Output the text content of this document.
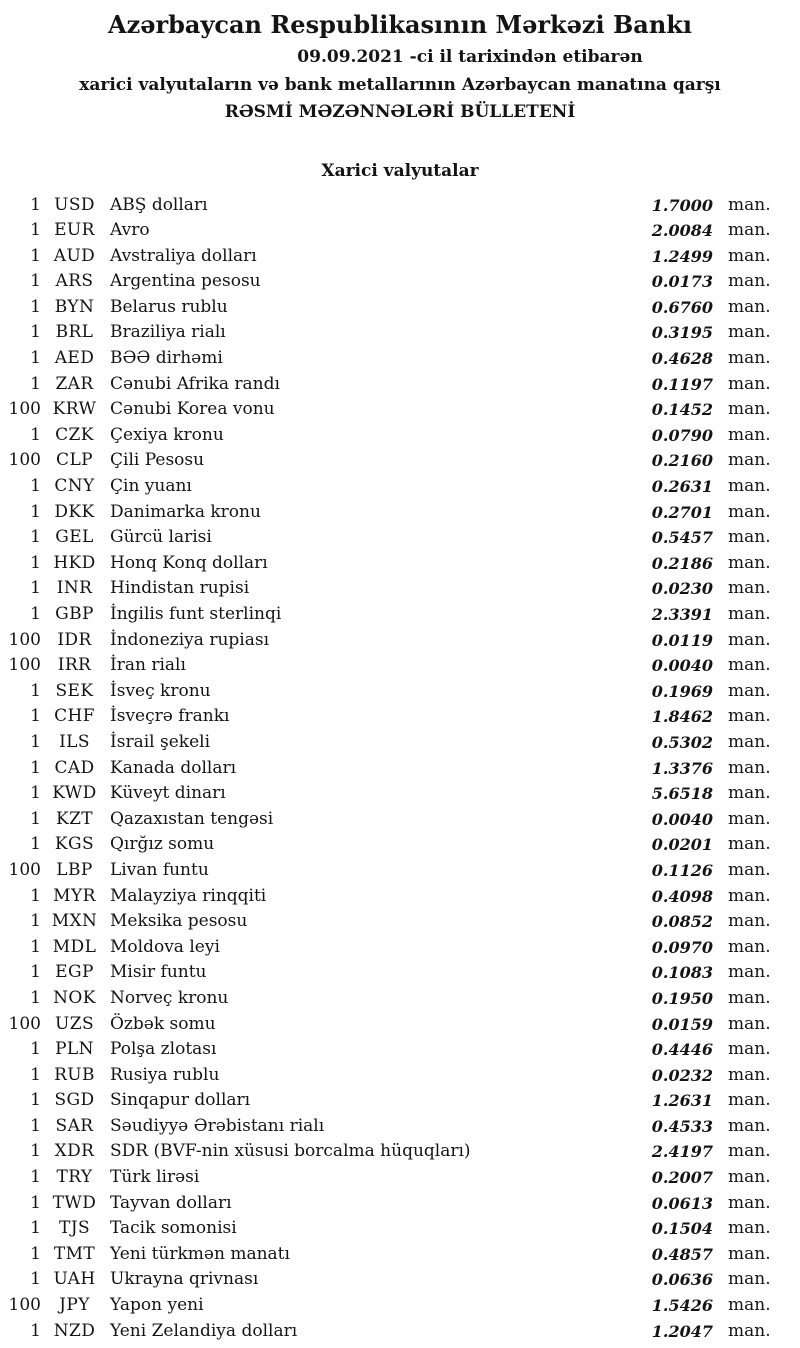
Azərbaycan Respublikasının Mərkəzi Bankı
09.09.2021 -ci il tarixindən etibarən
xarici valyutaların və bank metallarının Azərbaycan manatına qarşı
RƏSMİ MƏZƏNNƏLƏRİ BÜLLETENİ
Xarici valyutalar
1 USD ABŞ dolları	1.7000 man.
1 EUR Avro	2.0084 man.
1 AUD Avstraliya dolları	1.2499 man.
1 ARS Argentina pesosu	0.0173 man.
1 BYN Belarus rublu	0.6760 man.
1 BRL Braziliya rialı	0.3195 man.
1 AED BƏƏ dirhəmi	0.4628 man.
1 ZAR Cənubi Afrika randı	0.1197 man.
100 KRW Cənubi Korea vonu	0.1452 man.
1 CZK Çexiya kronu	0.0790 man.
100 CLP	Çili Pesosu	0.2160 man.
1 CNY Çin yuanı	0.2631 man.
1 DKK Danimarka kronu	0.2701 man.
1 GEL Gürcü larisi	0.5457 man.
1 HKD Honq Konq dolları	0.2186 man.
1 INR	Hindistan rupisi	0.0230 man.
1 GBP İngilis funt sterlinqi	2.3391 man.
100 IDR	İndoneziya rupiası	0.0119 man.
100 IRR	İran rialı	0.0040 man.
1 SEK İsveç kronu	0.1969 man.
1 CHF İsveçrə frankı	1.8462 man.
1	ILS	İsrail şekeli	0.5302 man.
1 CAD Kanada dolları	1.3376 man.
1 KWD Küveyt dinarı	5.6518 man.
1 KZT Qazaxıstan tengəsi	0.0040 man.
1 KGS Qırğız somu	0.0201 man.
100 LBP	Livan funtu	0.1126 man.
1 MYR Malayziya rinqqiti	0.4098 man.
1 MXN Meksika pesosu	0.0852 man.
1 MDL Moldova leyi	0.0970 man.
1 EGP Misir funtu	0.1083 man.
1 NOK Norveç kronu	0.1950 man.
100 UZS Özbək somu	0.0159 man.
1 PLN Polşa zlotası	0.4446 man.
1 RUB Rusiya rublu	0.0232 man.
1 SGD Sinqapur dolları	1.2631 man.
1 SAR Səudiyyə Ərəbistanı rialı	0.4533 man.
1 XDR SDR (BVF-nin xüsusi borcalma hüquqları)	2.4197 man.
1 TRY	Türk lirəsi	0.2007 man.
1 TWD Tayvan dolları	0.0613 man.
1	TJS	Tacik somonisi	0.1504 man.
1 TMT Yeni türkmən manatı	0.4857 man.
1 UAH Ukrayna qrivnası	0.0636 man.
100	JPY	Yapon yeni	1.5426 man.
1 NZD Yeni Zelandiya dolları	1.2047 man.
